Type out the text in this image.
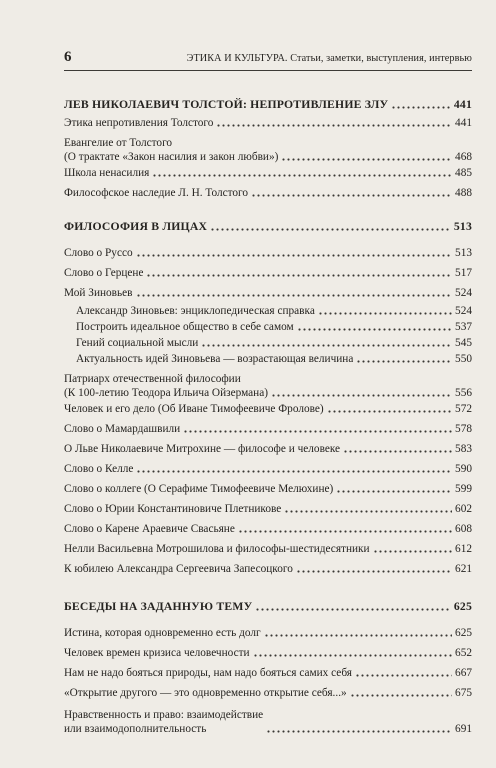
6	ЭТИКА И КУЛЬТУРА. Статьи, заметки, выступления, интервью
ЛЕВ НИКОЛАЕВИЧ ТОЛСТОЙ: НЕПРОТИВЛЕНИЕ ЗЛУ	441
Этика непротивления Толстого	441
Евангелие от Толстого
(О трактате «Закон насилия и закон любви»)	468
Школа ненасилия	485
Философское наследие Л. Н. Толстого	488
ФИЛОСОФИЯ В ЛИЦАХ	513
Слово о Руссо	513
Слово о Герцене	517
Мой Зиновьев	524
Александр Зиновьев: энциклопедическая справка	524
Построить идеальное общество в себе самом	537
Гений социальной мысли	545
Актуальность идей Зиновьева — возрастающая величина	550
Патриарх отечественной философии
(К 100-летию Теодора Ильича Ойзермана)	556
Человек и его дело (Об Иване Тимофеевиче Фролове)	572
Слово о Мамардашвили	578
О Льве Николаевиче Митрохине — философе и человеке	583
Слово о Келле	590
Слово о коллеге (О Серафиме Тимофеевиче Мелюхине)	599
Слово о Юрии Константиновиче Плетникове	602
Слово о Карене Араевиче Свасьяне	608
Нелли Васильевна Мотрошилова и философы-шестидесятники	612
К юбилею Александра Сергеевича Запесоцкого	621
БЕСЕДЫ НА ЗАДАННУЮ ТЕМУ	625
Истина, которая одновременно есть долг	625
Человек времен кризиса человечности	652
Нам не надо бояться природы, нам надо бояться самих себя	667
«Открытие другого — это одновременно открытие себя...»	675
Нравственность и право: взаимодействие
или взаимодополнительность	691
